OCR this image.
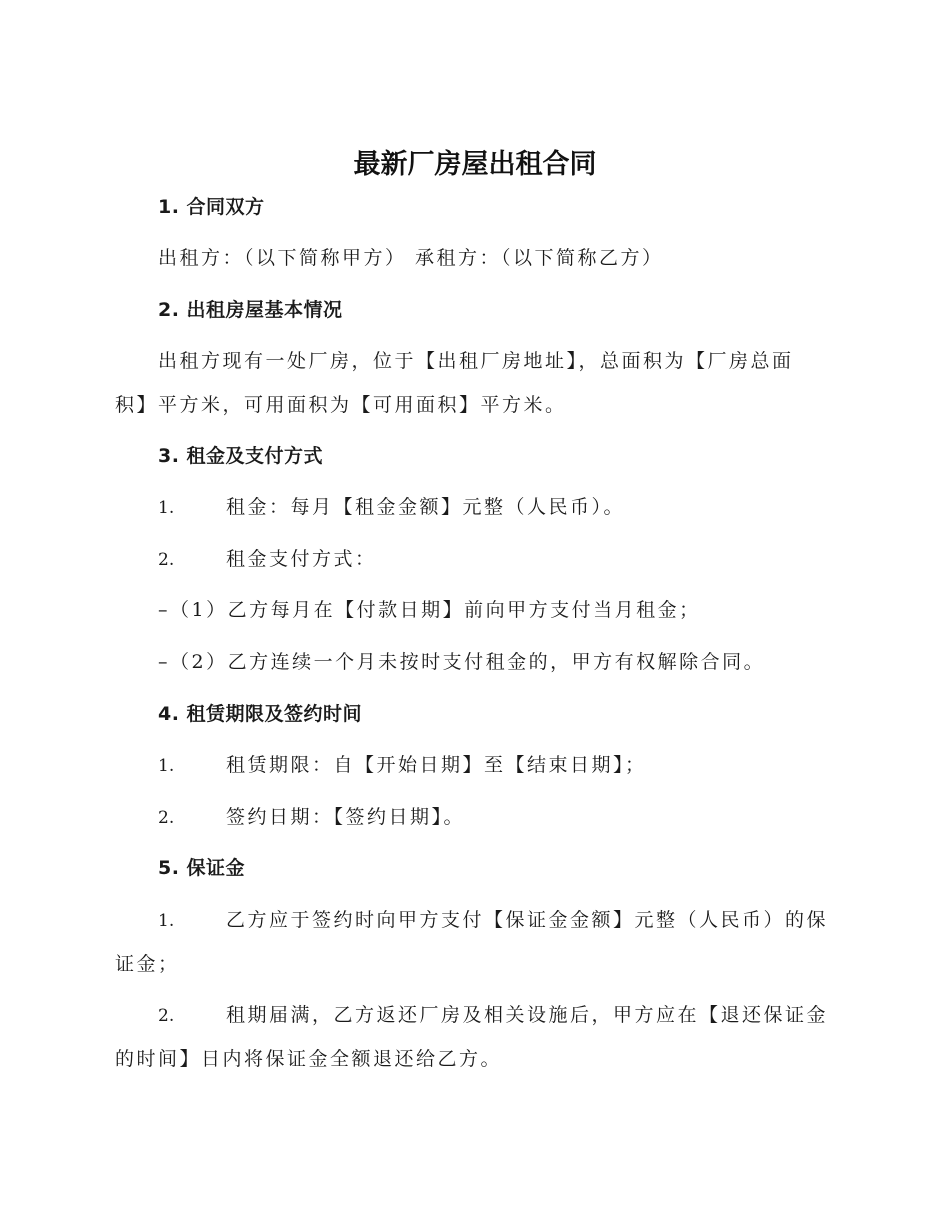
最新厂房屋出租合同
1. 合同双方
出租方：（以下简称甲方） 承租方：（以下简称乙方）
2. 出租房屋基本情况
出租方现有一处厂房，位于【出租厂房地址】，总面积为【厂房总面
积】平方米，可用面积为【可用面积】平方米。
3. 租金及支付方式
1.	租金：每月【租金金额】元整（人民币）。
2.	租金支付方式：
–（1）乙方每月在【付款日期】前向甲方支付当月租金；
–（2）乙方连续一个月未按时支付租金的，甲方有权解除合同。
4. 租赁期限及签约时间
1.	租赁期限：自【开始日期】至【结束日期】；
2.	签约日期：【签约日期】。
5. 保证金
1.	乙方应于签约时向甲方支付【保证金金额】元整（人民币）的保
证金；
2.	租期届满，乙方返还厂房及相关设施后，甲方应在【退还保证金
的时间】日内将保证金全额退还给乙方。
